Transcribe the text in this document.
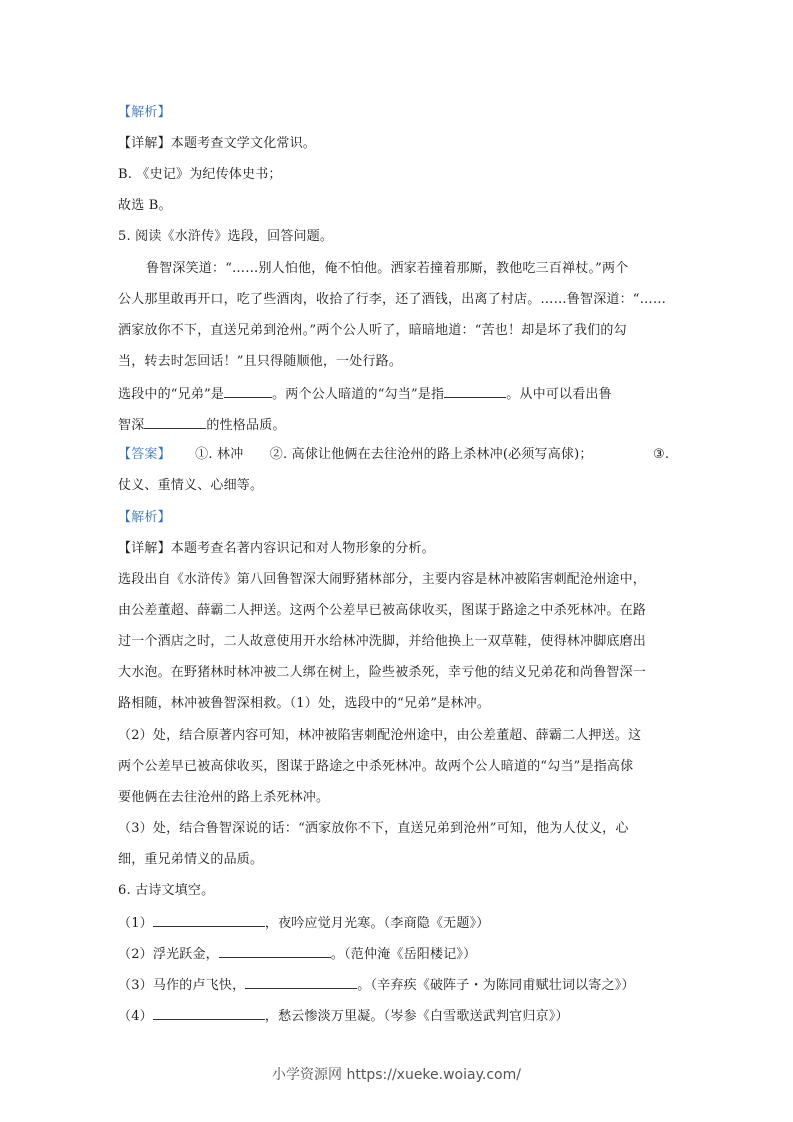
【解析】
【详解】本题考查文学文化常识。
B. 《史记》为纪传体史书；
故选 B。
5. 阅读《水浒传》选段，回答问题。
鲁智深笑道：“……别人怕他，俺不怕他。洒家若撞着那厮，教他吃三百禅杖。”两个
公人那里敢再开口，吃了些酒肉，收拾了行李，还了酒钱，出离了村店。……鲁智深道：“……
洒家放你不下，直送兄弟到沧州。”两个公人听了，暗暗地道：“苦也！却是坏了我们的勾
当，转去时怎回话！”且只得随顺他，一处行路。
选段中的“兄弟”是	。两个公人暗道的“勾当”是指	。从中可以看出鲁
智深	的性格品质。
【答案】 ①. 林冲 ②. 高俅让他俩在去往沧州的路上杀林冲(必须写高俅)；	③.
仗义、重情义、心细等。
【解析】
【详解】本题考查名著内容识记和对人物形象的分析。
选段出自《水浒传》第八回鲁智深大闹野猪林部分，主要内容是林冲被陷害刺配沧州途中，
由公差董超、薛霸二人押送。这两个公差早已被高俅收买，图谋于路途之中杀死林冲。在路
过一个酒店之时，二人故意使用开水给林冲洗脚，并给他换上一双草鞋，使得林冲脚底磨出
大水泡。在野猪林时林冲被二人绑在树上，险些被杀死，幸亏他的结义兄弟花和尚鲁智深一
路相随，林冲被鲁智深相救。（1）处，选段中的“兄弟”是林冲。
（2）处，结合原著内容可知，林冲被陷害刺配沧州途中，由公差董超、薛霸二人押送。这
两个公差早已被高俅收买，图谋于路途之中杀死林冲。故两个公人暗道的“勾当”是指高俅
要他俩在去往沧州的路上杀死林冲。
（3）处，结合鲁智深说的话：“洒家放你不下，直送兄弟到沧州”可知，他为人仗义，心
细，重兄弟情义的品质。
6. 古诗文填空。
（1）	，夜吟应觉月光寒。（李商隐《无题》）
（2）浮光跃金，	。（范仲淹《岳阳楼记》）
（3）马作的卢飞快，	。（辛弃疾《破阵子・为陈同甫赋壮词以寄之》）
（4）	，愁云惨淡万里凝。（岑参《白雪歌送武判官归京》）
小学资源网 https://xueke.woiay.com/
